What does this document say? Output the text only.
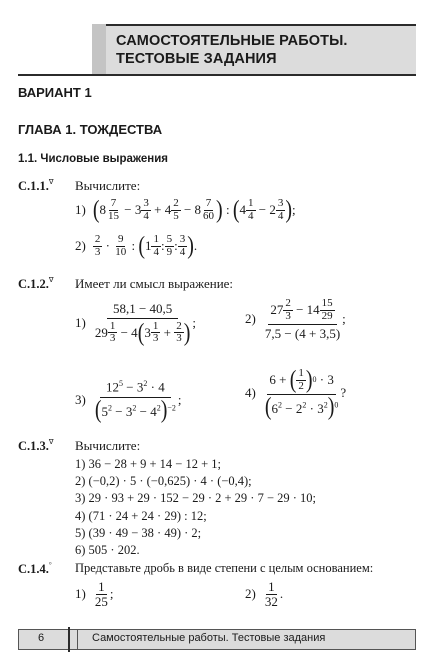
САМОСТОЯТЕЛЬНЫЕ РАБОТЫ.
ТЕСТОВЫЕ ЗАДАНИЯ
ВАРИАНТ 1
ГЛАВА 1. ТОЖДЕСТВА
1.1. Числовые выражения
С.1.1.∇ Вычислите:
1) ( 8 7
15 − 3 3
4 + 4 2
5 − 8 7
60 ) : ( 4 1
4 − 2 3
4 ) ;
2) 2
3 · 9
10 : ( 1 1
4 : 5
9 : 3
4 ) .
С.1.2.∇ Имеет ли смысл выражение:
1)
58,1 − 40,5
29 1
3 − 4 ( 3 1
3 + 2
3 ) ;	2)
27 2
3 − 14 15
29
7,5 − (4 + 3,5)
;
3)
$12^5 - 3^2 \cdot 4$
$(5^2 - 3^2 - 4^2)^{-2}$
;	4)
6 + ( 1
2 ) 0 · 3
$(6^2 - 2^2 \cdot 3^2)^0$
?
С.1.3.∇ Вычислите:
1) 36 − 28 + 9 + 14 − 12 + 1;
2) (−0,2) · 5 · (−0,625) · 4 · (−0,4);
3) 29 · 93 + 29 · 152 − 29 · 2 + 29 · 7 − 29 · 10;
4) (71 · 24 + 24 · 29) : 12;
5) (39 · 49 − 38 · 49) · 2;
6) 505 · 202.
С.1.4.° Представьте дробь в виде степени с целым основанием:
1) 1
25 ;	2) 1
32 .
6	Самостоятельные работы. Тестовые задания
